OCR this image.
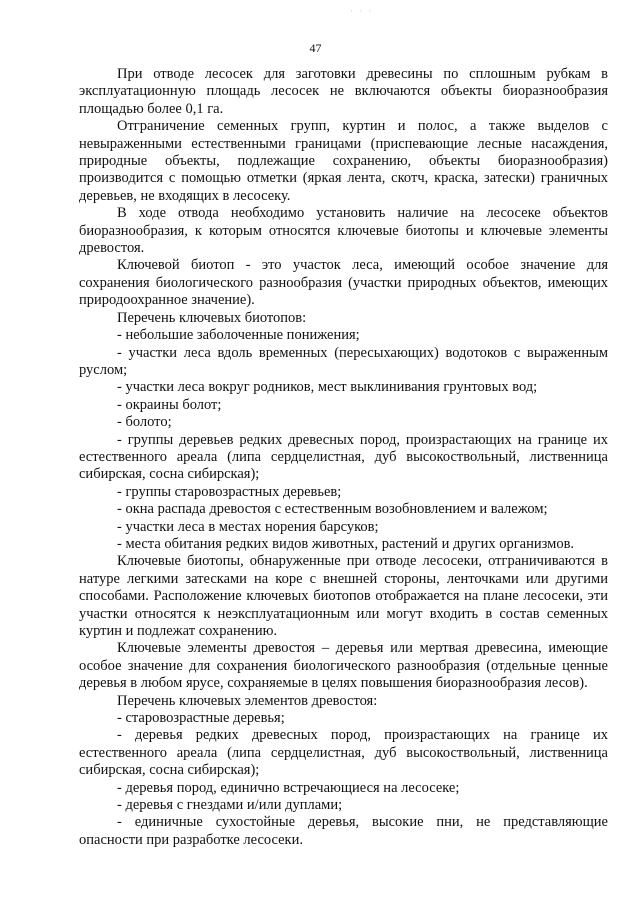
· · ·
47

При отводе лесосек для заготовки древесины по сплошным рубкам в эксплуатационную площадь лесосек не включаются объекты биоразнообразия площадью более 0,1 га.

Отграничение семенных групп, куртин и полос, а также выделов с невыраженными естественными границами (приспевающие лесные насаждения, природные объекты, подлежащие сохранению, объекты биоразнообразия) производится с помощью отметки (яркая лента, скотч, краска, затески) граничных деревьев, не входящих в лесосеку.

В ходе отвода необходимо установить наличие на лесосеке объектов биоразнообразия, к которым относятся ключевые биотопы и ключевые элементы древостоя.

Ключевой биотоп - это участок леса, имеющий особое значение для сохранения биологического разнообразия (участки природных объектов, имеющих природоохранное значение).

Перечень ключевых биотопов:

- небольшие заболоченные понижения;

- участки леса вдоль временных (пересыхающих) водотоков с выраженным руслом;

- участки леса вокруг родников, мест выклинивания грунтовых вод;

- окраины болот;

- болото;

- группы деревьев редких древесных пород, произрастающих на границе их естественного ареала (липа сердцелистная, дуб высокоствольный, лиственница сибирская, сосна сибирская);

- группы старовозрастных деревьев;

- окна распада древостоя с естественным возобновлением и валежом;

- участки леса в местах норения барсуков;

- места обитания редких видов животных, растений и других организмов.

Ключевые биотопы, обнаруженные при отводе лесосеки, отграничиваются в натуре легкими затесками на коре с внешней стороны, ленточками или другими способами. Расположение ключевых биотопов отображается на плане лесосеки, эти участки относятся к неэксплуатационным или могут входить в состав семенных куртин и подлежат сохранению.

Ключевые элементы древостоя – деревья или мертвая древесина, имеющие особое значение для сохранения биологического разнообразия (отдельные ценные деревья в любом ярусе, сохраняемые в целях повышения биоразнообразия лесов).

Перечень ключевых элементов древостоя:

- старовозрастные деревья;

- деревья редких древесных пород, произрастающих на границе их естественного ареала (липа сердцелистная, дуб высокоствольный, лиственница сибирская, сосна сибирская);

- деревья пород, единично встречающиеся на лесосеке;

- деревья с гнездами и/или дуплами;

- единичные сухостойные деревья, высокие пни, не представляющие опасности при разработке лесосеки.
